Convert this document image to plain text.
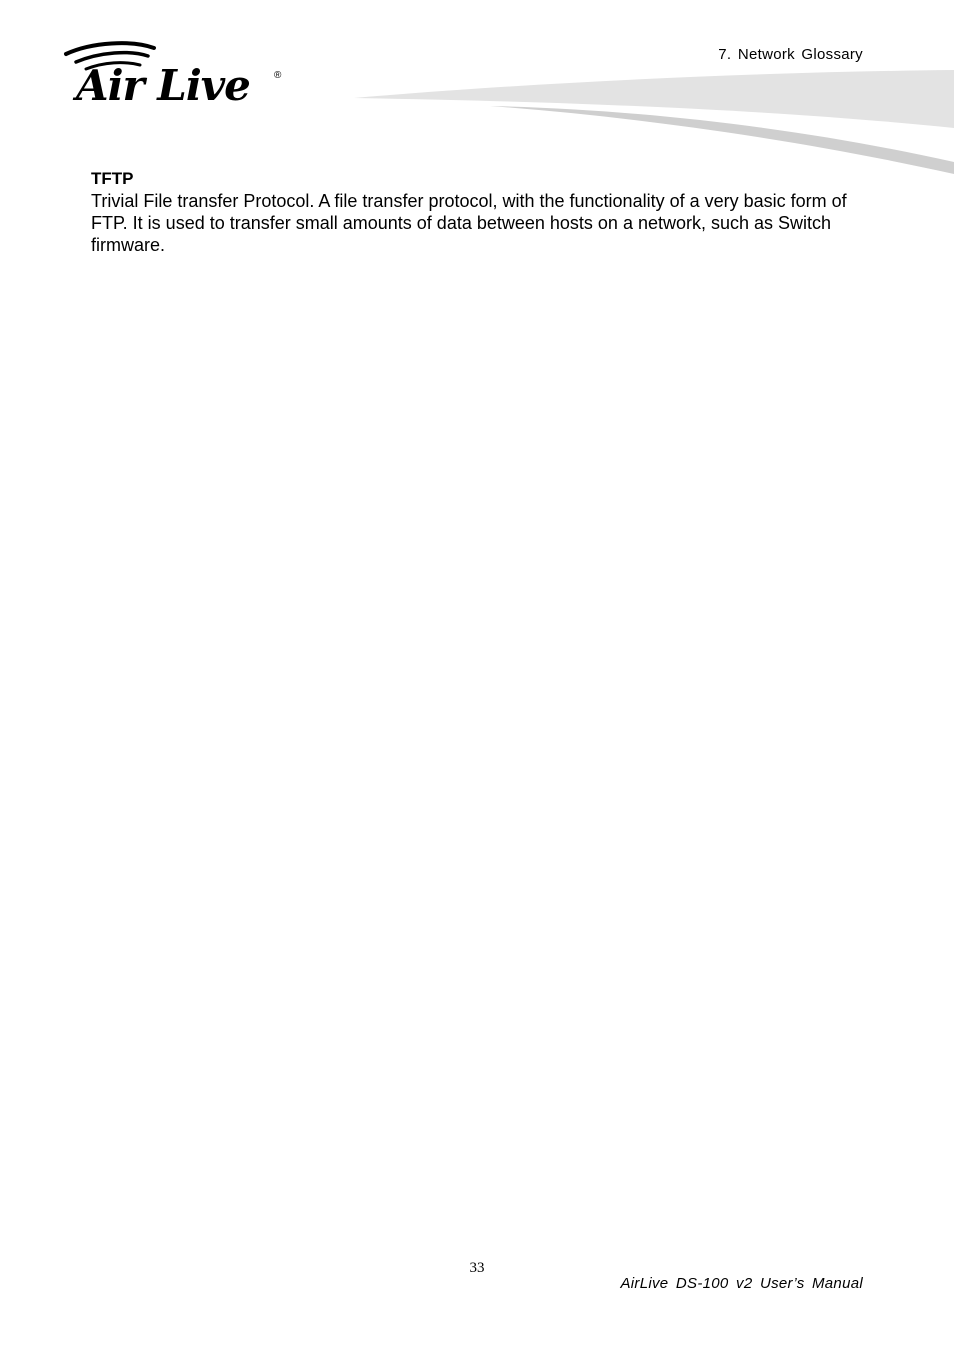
Air Live ®
7. Network Glossary

TFTP

Trivial File transfer Protocol. A file transfer protocol, with the functionality of a very basic form of FTP. It is used to transfer small amounts of data between hosts on a network, such as Switch firmware.

33
AirLive DS-100 v2 User’s Manual
